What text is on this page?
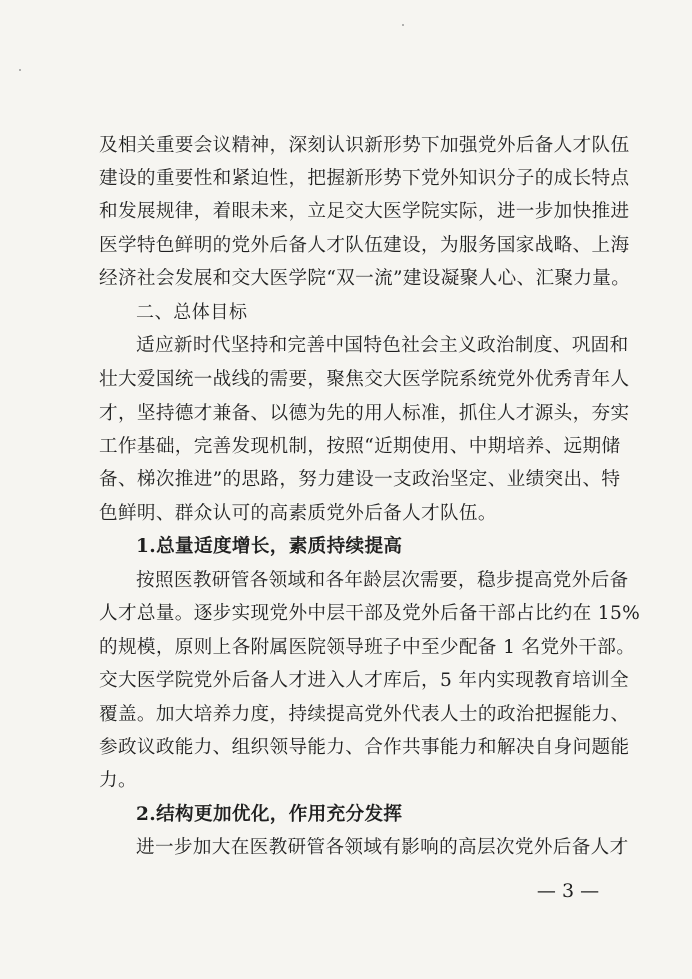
及相关重要会议精神，深刻认识新形势下加强党外后备人才队伍
建设的重要性和紧迫性，把握新形势下党外知识分子的成长特点
和发展规律，着眼未来，立足交大医学院实际，进一步加快推进
医学特色鲜明的党外后备人才队伍建设，为服务国家战略、上海
经济社会发展和交大医学院“双一流”建设凝聚人心、汇聚力量。
二、总体目标
适应新时代坚持和完善中国特色社会主义政治制度、巩固和
壮大爱国统一战线的需要，聚焦交大医学院系统党外优秀青年人
才，坚持德才兼备、以德为先的用人标准，抓住人才源头，夯实
工作基础，完善发现机制，按照“近期使用、中期培养、远期储
备、梯次推进”的思路，努力建设一支政治坚定、业绩突出、特
色鲜明、群众认可的高素质党外后备人才队伍。
1.总量适度增长，素质持续提高
按照医教研管各领域和各年龄层次需要，稳步提高党外后备
人才总量。逐步实现党外中层干部及党外后备干部占比约在 15%
的规模，原则上各附属医院领导班子中至少配备 1 名党外干部。
交大医学院党外后备人才进入人才库后，5 年内实现教育培训全
覆盖。加大培养力度，持续提高党外代表人士的政治把握能力、
参政议政能力、组织领导能力、合作共事能力和解决自身问题能
力。
2.结构更加优化，作用充分发挥
进一步加大在医教研管各领域有影响的高层次党外后备人才
— 3 —
